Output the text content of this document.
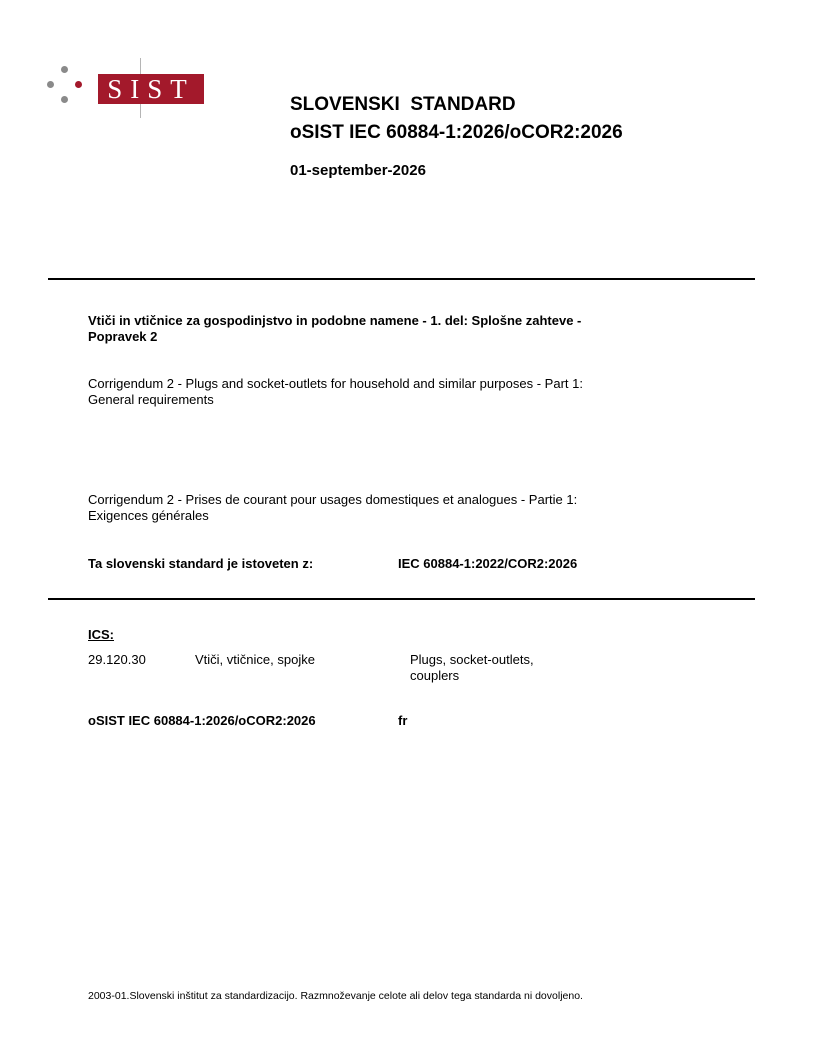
SIST
SLOVENSKI  STANDARD
oSIST IEC 60884-1:2026/oCOR2:2026
01-september-2026
Vtiči in vtičnice za gospodinjstvo in podobne namene - 1. del: Splošne zahteve -
Popravek 2
Corrigendum 2 - Plugs and socket-outlets for household and similar purposes - Part 1:
General requirements
Corrigendum 2 - Prises de courant pour usages domestiques et analogues - Partie 1:
Exigences générales
Ta slovenski standard je istoveten z:	IEC 60884-1:2022/COR2:2026
ICS:
29.120.30	Vtiči, vtičnice, spojke	Plugs, socket-outlets,
couplers
oSIST IEC 60884-1:2026/oCOR2:2026	fr
2003-01.Slovenski inštitut za standardizacijo. Razmnoževanje celote ali delov tega standarda ni dovoljeno.
